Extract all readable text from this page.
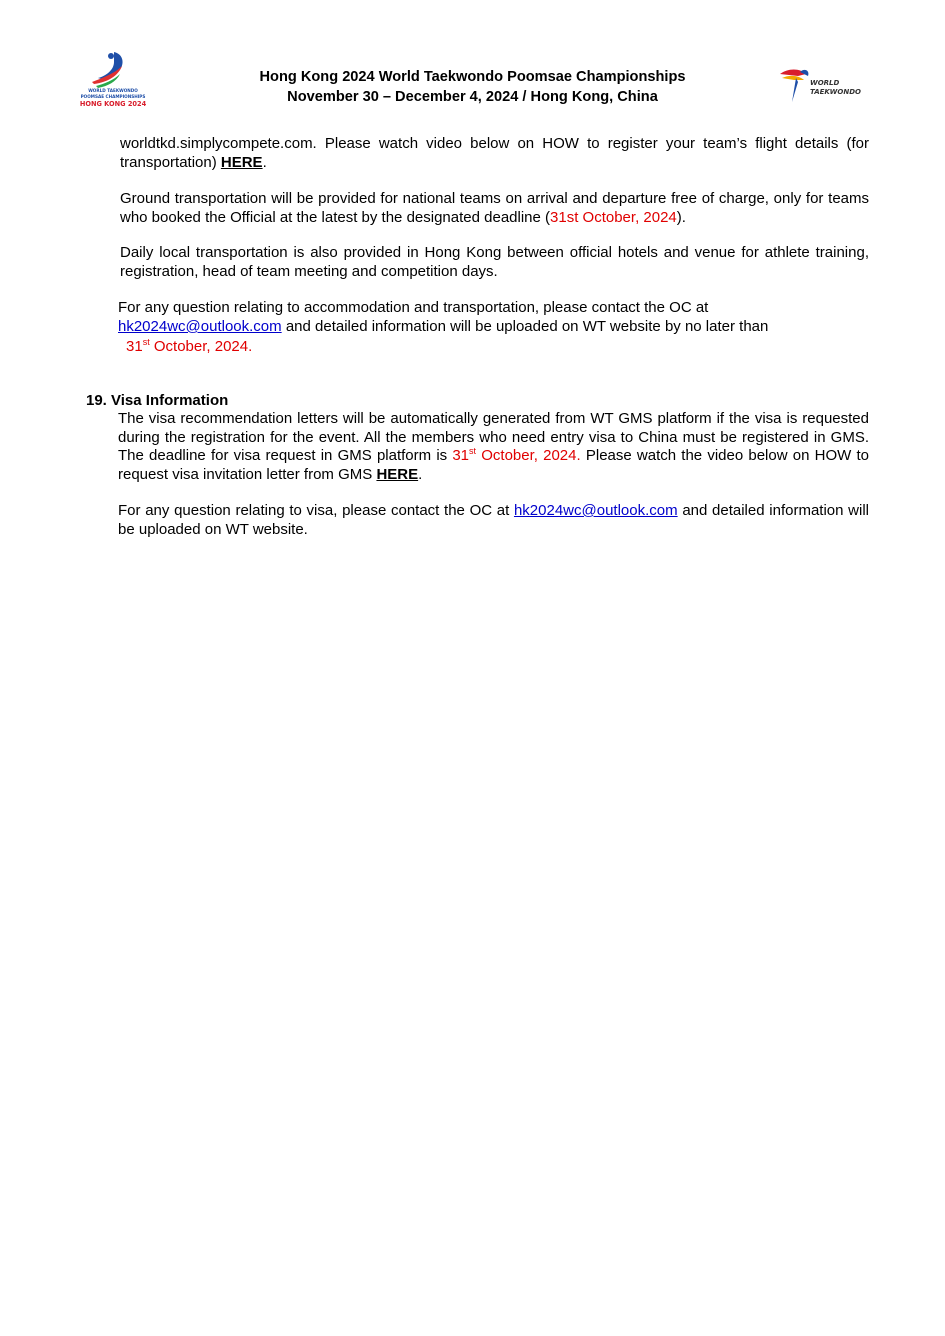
WORLD TAEKWONDO
POOMSAE CHAMPIONSHIPS
HONG KONG 2024
Hong Kong 2024 World Taekwondo Poomsae Championships
November 30 – December 4, 2024 / Hong Kong, China
WORLD
TAEKWONDO

worldtkd.simplycompete.com. Please watch video below on HOW to register your team’s flight details (for transportation) HERE.

Ground transportation will be provided for national teams on arrival and departure free of charge, only for teams who booked the Official at the latest by the designated deadline (31st October, 2024).

Daily local transportation is also provided in Hong Kong between official hotels and venue for athlete training, registration, head of team meeting and competition days.

For any question relating to accommodation and transportation, please contact the OC at

hk2024wc@outlook.com and detailed information will be uploaded on WT website by no later than

31st October, 2024.

19. Visa Information

The visa recommendation letters will be automatically generated from WT GMS platform if the visa is requested during the registration for the event. All the members who need entry visa to China must be registered in GMS. The deadline for visa request in GMS platform is 31st October, 2024. Please watch the video below on HOW to request visa invitation letter from GMS HERE.

For any question relating to visa, please contact the OC at hk2024wc@outlook.com and detailed information will be uploaded on WT website.
